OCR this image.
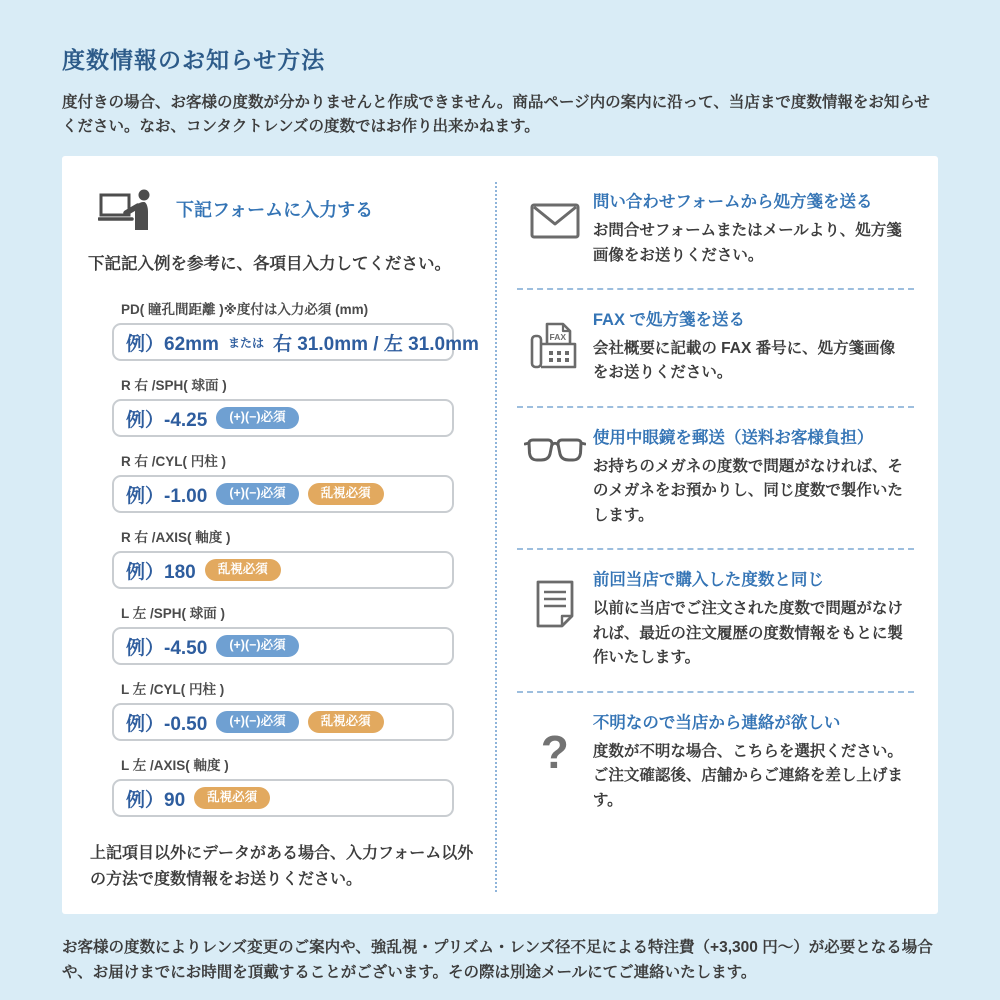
度数情報のお知らせ方法

度付きの場合、お客様の度数が分かりませんと作成できません。商品ページ内の案内に沿って、当店まで度数情報をお知らせください。なお、コンタクトレンズの度数ではお作り出来かねます。

下記フォームに入力する

下記記入例を参考に、各項目入力してください。

PD( 瞳孔間距離 )※度付は入力必須 (mm)
例）62mm または 右 31.0mm / 左 31.0mm
R 右 /SPH( 球面 )
例）-4.25	(+)(−)必須
R 右 /CYL( 円柱 )
例）-1.00	(+)(−)必須	乱視必須
R 右 /AXIS( 軸度 )
例）180	乱視必須
L 左 /SPH( 球面 )
例）-4.50	(+)(−)必須
L 左 /CYL( 円柱 )
例）-0.50	(+)(−)必須	乱視必須
L 左 /AXIS( 軸度 )
例）90	乱視必須

上記項目以外にデータがある場合、入力フォーム以外の方法で度数情報をお送りください。

問い合わせフォームから処方箋を送る
お問合せフォームまたはメールより、処方箋画像をお送りください。
FAX
FAX で処方箋を送る
会社概要に記載の FAX 番号に、処方箋画像をお送りください。
使用中眼鏡を郵送（送料お客様負担）
お持ちのメガネの度数で問題がなければ、そのメガネをお預かりし、同じ度数で製作いたします。
前回当店で購入した度数と同じ
以前に当店でご注文された度数で問題がなければ、最近の注文履歴の度数情報をもとに製作いたします。
?
不明なので当店から連絡が欲しい
度数が不明な場合、こちらを選択ください。ご注文確認後、店舗からご連絡を差し上げます。

お客様の度数によりレンズ変更のご案内や、強乱視・プリズム・レンズ径不足による特注費（+3,300 円～）が必要となる場合や、お届けまでにお時間を頂戴することがございます。その際は別途メールにてご連絡いたします。
